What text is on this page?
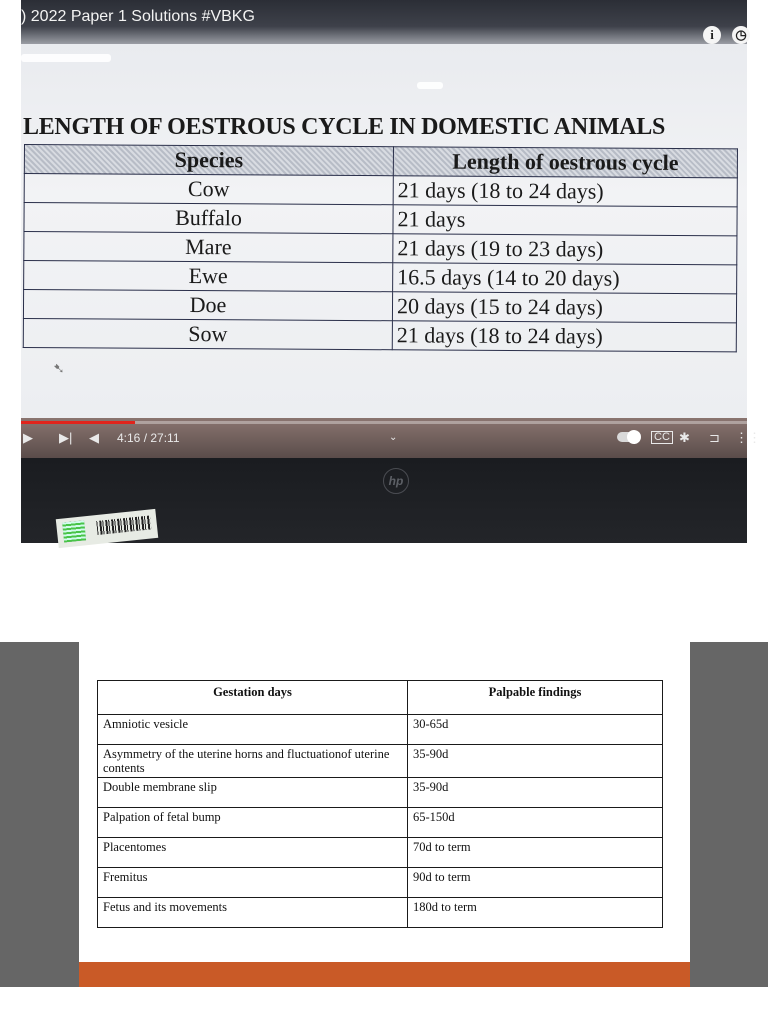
) 2022 Paper 1 Solutions #VBKG
i	◷
LENGTH OF OESTROUS CYCLE IN DOMESTIC ANIMALS
Species	Length of oestrous cycle
Cow	21 days (18 to 24 days)
Buffalo	21 days
Mare	21 days (19 to 23 days)
Ewe	16.5 days (14 to 20 days)
Doe	20 days (15 to 24 days)
Sow	21 days (18 to 24 days)
➷
▶ ▶| ◀ 4:16 / 27:11	⌄	CC ✱ ⊐ ⋮⋮
hp
Gestation days	Palpable findings
Amniotic vesicle	30-65d
Asymmetry of the uterine horns and fluctuationof uterine contents	35-90d
Double membrane slip	35-90d
Palpation of fetal bump	65-150d
Placentomes	70d to term
Fremitus	90d to term
Fetus and its movements	180d to term
